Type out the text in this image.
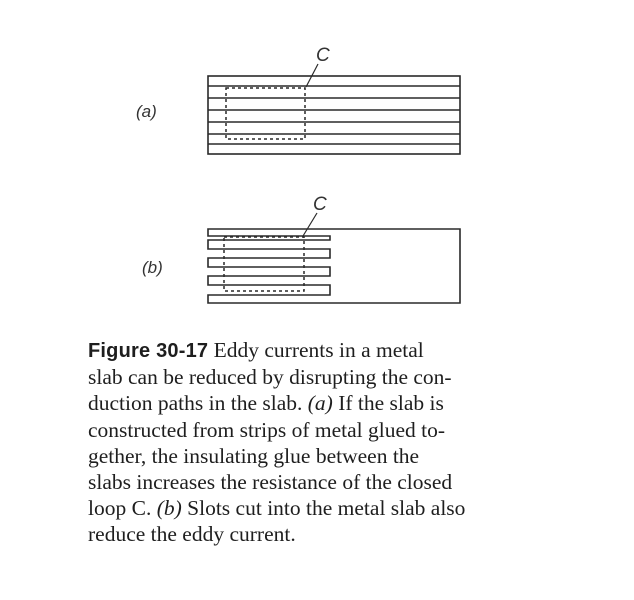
(a)
C
(b)
C
Figure 30-17 Eddy currents in a metal
slab can be reduced by disrupting the con-
duction paths in the slab. (a) If the slab is
constructed from strips of metal glued to-
gether, the insulating glue between the
slabs increases the resistance of the closed
loop C. (b) Slots cut into the metal slab also
reduce the eddy current.
